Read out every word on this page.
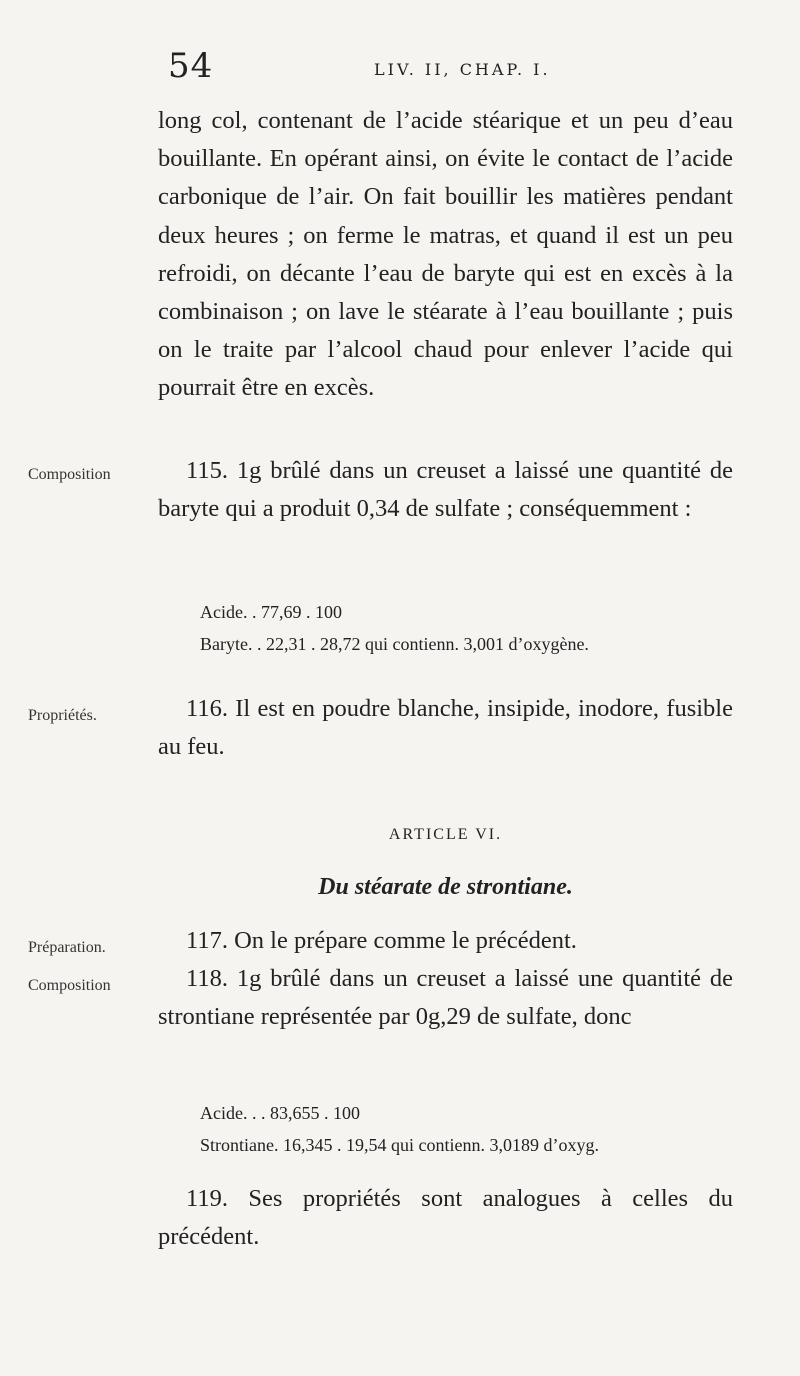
54	LIV. II, CHAP. I.
long col, contenant de l’acide stéarique et un peu d’eau bouillante. En opérant ainsi, on évite le contact de l’acide carbonique de l’air. On fait bouillir les matières pendant deux heures ; on ferme le matras, et quand il est un peu refroidi, on décante l’eau de baryte qui est en excès à la combinaison ; on lave le stéarate à l’eau bouillante ; puis on le traite par l’alcool chaud pour enlever l’acide qui pourrait être en excès.
Composition	115. 1g brûlé dans un creuset a laissé une quantité de baryte qui a produit 0,34 de sulfate ; conséquemment :
Acide. . 77,69 . 100
Baryte. . 22,31 . 28,72 qui contienn. 3,001 d’oxygène.
Propriétés.	116. Il est en poudre blanche, insipide, inodore, fusible au feu.
ARTICLE VI.
Du stéarate de strontiane.
Préparation.	117. On le prépare comme le précédent.
Composition	118. 1g brûlé dans un creuset a laissé une quantité de strontiane représentée par 0g,29 de sulfate, donc
Acide. . . 83,655 . 100
Strontiane. 16,345 . 19,54 qui contienn. 3,0189 d’oxyg.
119. Ses propriétés sont analogues à celles du précédent.
